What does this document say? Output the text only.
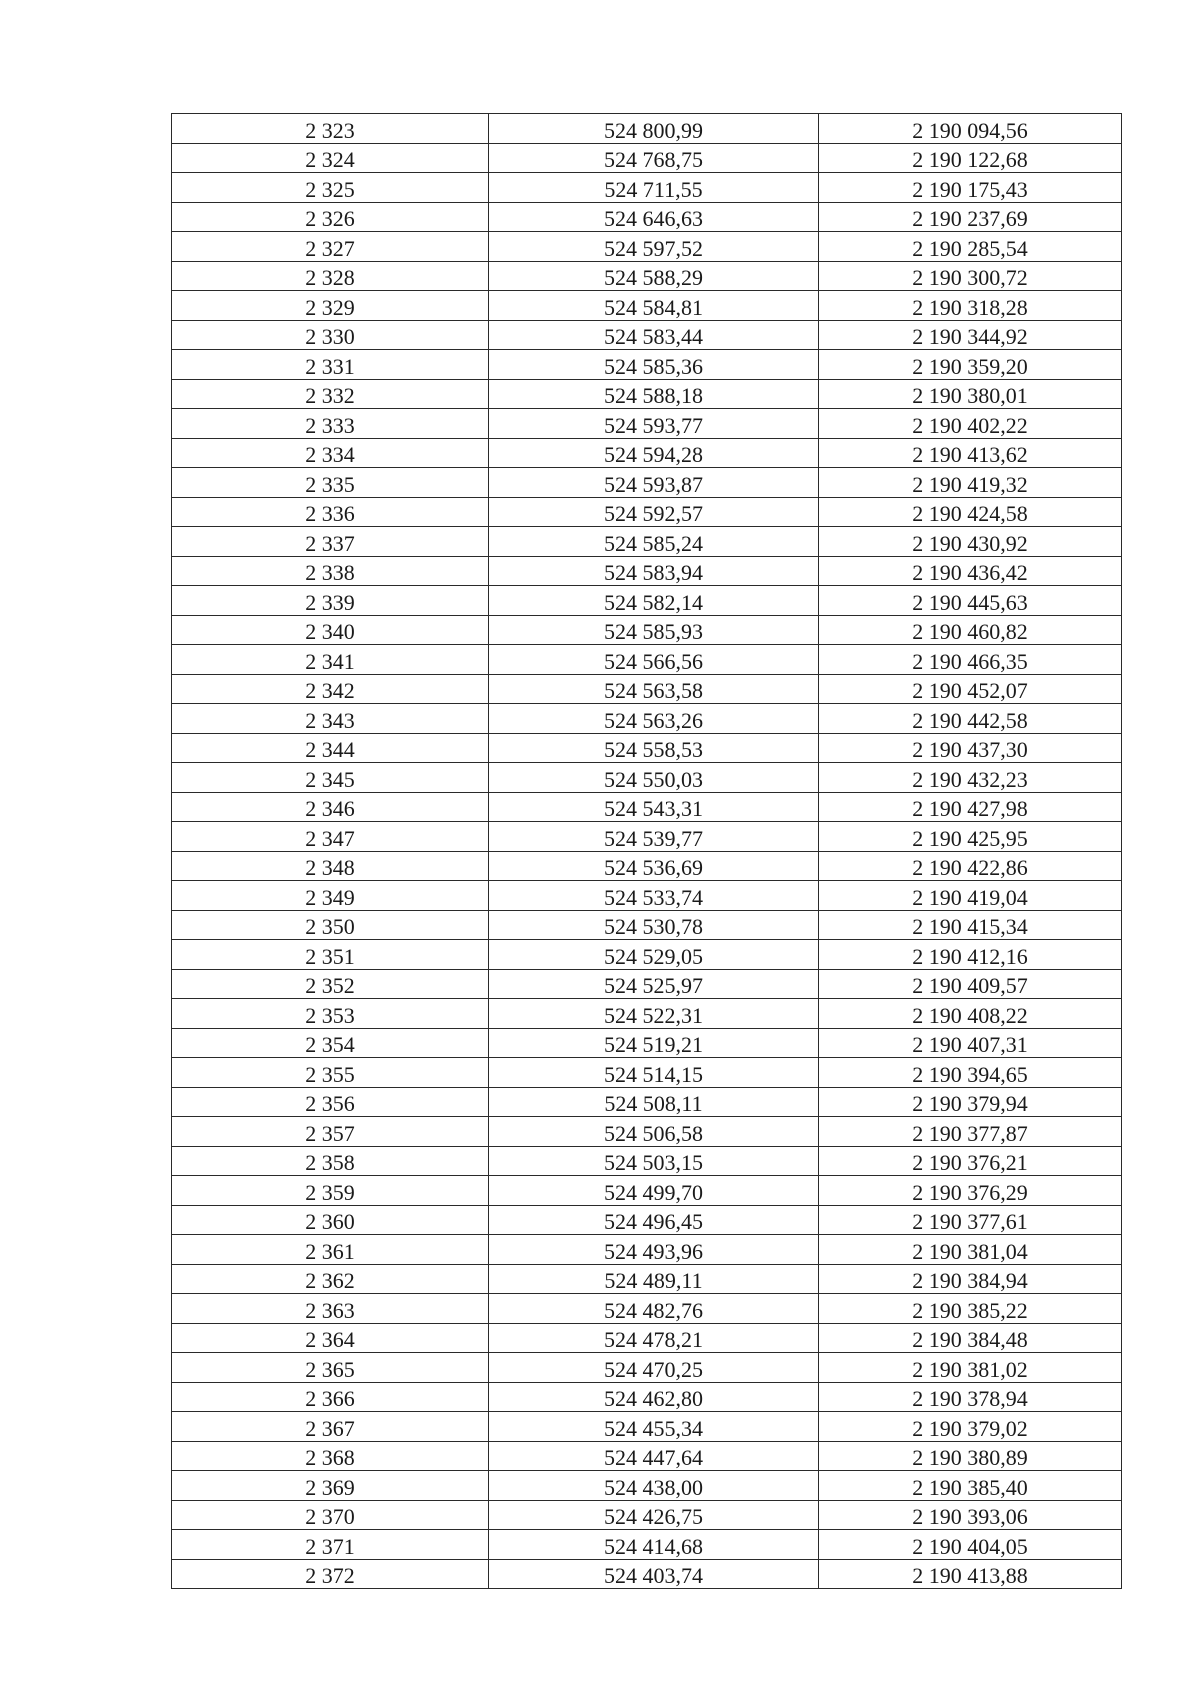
2 323	524 800,99	2 190 094,56
2 324	524 768,75	2 190 122,68
2 325	524 711,55	2 190 175,43
2 326	524 646,63	2 190 237,69
2 327	524 597,52	2 190 285,54
2 328	524 588,29	2 190 300,72
2 329	524 584,81	2 190 318,28
2 330	524 583,44	2 190 344,92
2 331	524 585,36	2 190 359,20
2 332	524 588,18	2 190 380,01
2 333	524 593,77	2 190 402,22
2 334	524 594,28	2 190 413,62
2 335	524 593,87	2 190 419,32
2 336	524 592,57	2 190 424,58
2 337	524 585,24	2 190 430,92
2 338	524 583,94	2 190 436,42
2 339	524 582,14	2 190 445,63
2 340	524 585,93	2 190 460,82
2 341	524 566,56	2 190 466,35
2 342	524 563,58	2 190 452,07
2 343	524 563,26	2 190 442,58
2 344	524 558,53	2 190 437,30
2 345	524 550,03	2 190 432,23
2 346	524 543,31	2 190 427,98
2 347	524 539,77	2 190 425,95
2 348	524 536,69	2 190 422,86
2 349	524 533,74	2 190 419,04
2 350	524 530,78	2 190 415,34
2 351	524 529,05	2 190 412,16
2 352	524 525,97	2 190 409,57
2 353	524 522,31	2 190 408,22
2 354	524 519,21	2 190 407,31
2 355	524 514,15	2 190 394,65
2 356	524 508,11	2 190 379,94
2 357	524 506,58	2 190 377,87
2 358	524 503,15	2 190 376,21
2 359	524 499,70	2 190 376,29
2 360	524 496,45	2 190 377,61
2 361	524 493,96	2 190 381,04
2 362	524 489,11	2 190 384,94
2 363	524 482,76	2 190 385,22
2 364	524 478,21	2 190 384,48
2 365	524 470,25	2 190 381,02
2 366	524 462,80	2 190 378,94
2 367	524 455,34	2 190 379,02
2 368	524 447,64	2 190 380,89
2 369	524 438,00	2 190 385,40
2 370	524 426,75	2 190 393,06
2 371	524 414,68	2 190 404,05
2 372	524 403,74	2 190 413,88
